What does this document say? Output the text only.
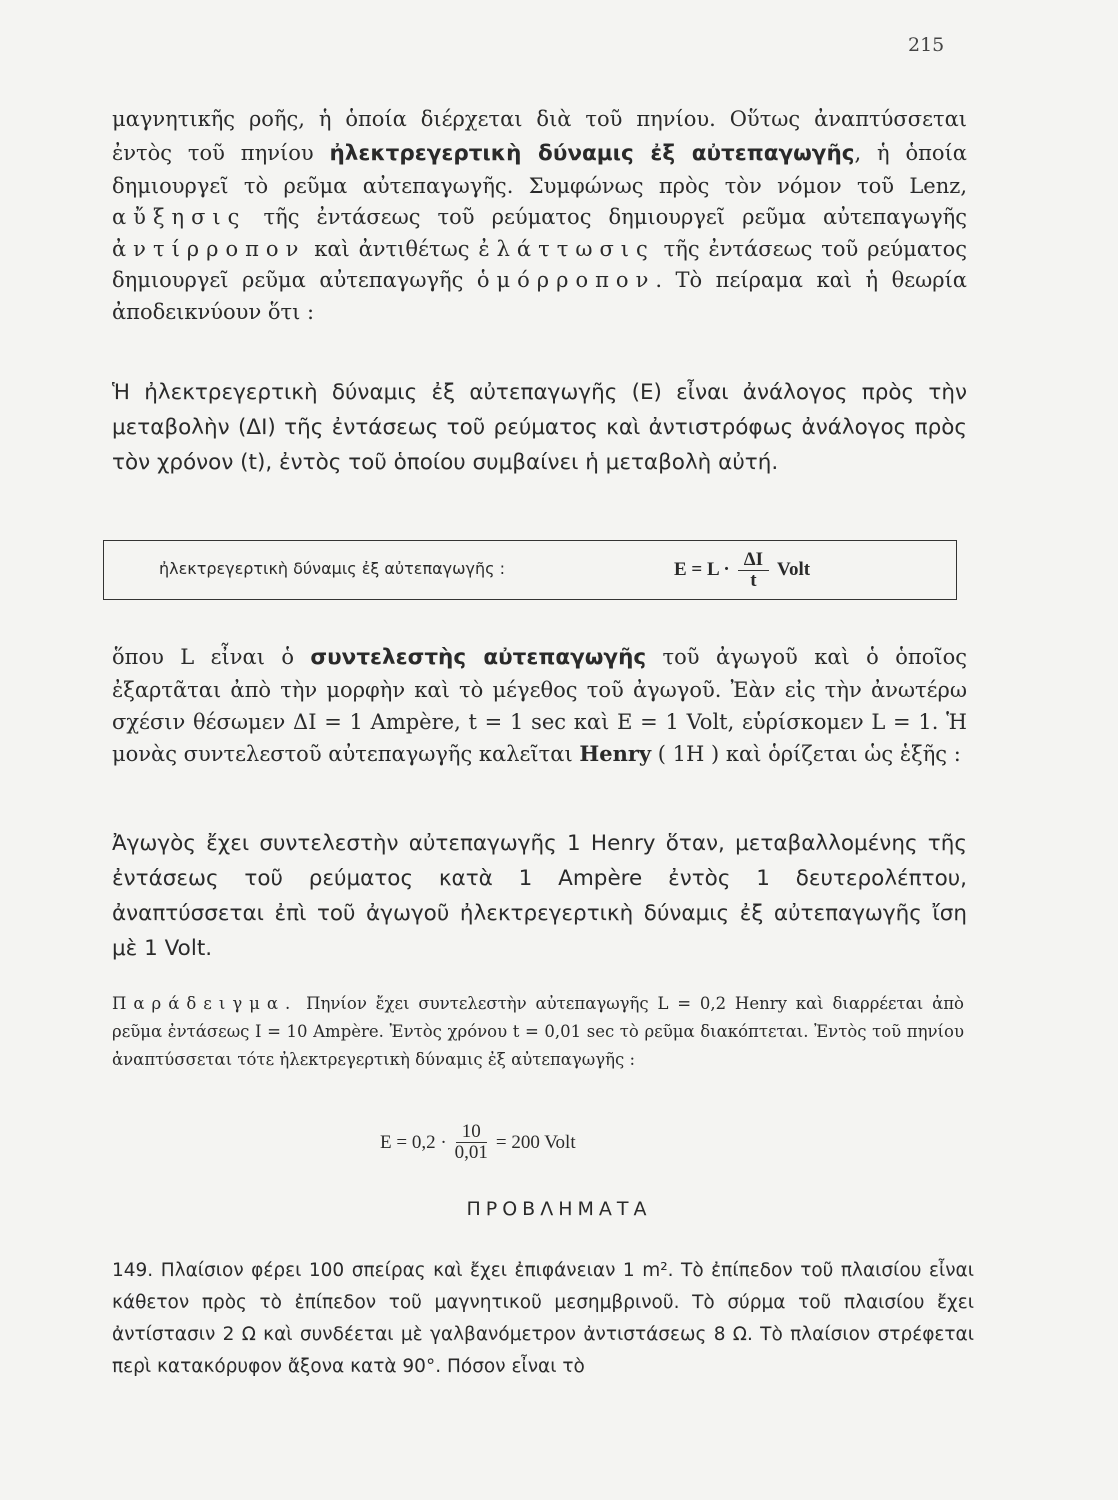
215

μαγνητικῆς ροῆς, ἡ ὁποία διέρχεται διὰ τοῦ πηνίου. Οὕτως ἀναπτύσσεται ἐντὸς τοῦ πηνίου ἠλεκτρεγερτικὴ δύναμις ἐξ αὐτεπαγωγῆς, ἡ ὁποία δημιουργεῖ τὸ ρεῦμα αὐτεπαγωγῆς. Συμφώνως πρὸς τὸν νόμον τοῦ Lenz, αὔξησις τῆς ἐντάσεως τοῦ ρεύματος δημιουργεῖ ρεῦμα αὐτεπαγωγῆς ἀντίρροπον καὶ ἀντιθέτως ἐλάττωσις τῆς ἐντάσεως τοῦ ρεύματος δημιουργεῖ ρεῦμα αὐτεπαγωγῆς ὁμόρροπον. Τὸ πείραμα καὶ ἡ θεωρία ἀποδεικνύουν ὅτι :

Ἡ ἠλεκτρεγερτικὴ δύναμις ἐξ αὐτεπαγωγῆς (Ε) εἶναι ἀνάλογος πρὸς τὴν μεταβολὴν (ΔΙ) τῆς ἐντάσεως τοῦ ρεύματος καὶ ἀντιστρόφως ἀνάλογος πρὸς τὸν χρόνον (t), ἐντὸς τοῦ ὁποίου συμβαίνει ἡ μεταβολὴ αὐτή.

ἠλεκτρεγερτικὴ δύναμις ἐξ αὐτεπαγωγῆς :	$E = L \cdot \frac{\Delta I}{t}$ Volt

ὅπου L εἶναι ὁ συντελεστὴς αὐτεπαγωγῆς τοῦ ἀγωγοῦ καὶ ὁ ὁποῖος ἐξαρτᾶται ἀπὸ τὴν μορφὴν καὶ τὸ μέγεθος τοῦ ἀγωγοῦ. Ἐὰν εἰς τὴν ἀνωτέρω σχέσιν θέσωμεν ΔΙ = 1 Ampère, t = 1 sec καὶ E = 1 Volt, εὑρίσκομεν L = 1. Ἡ μονὰς συντελεστοῦ αὐτεπαγωγῆς καλεῖται Henry ( 1Η ) καὶ ὁρίζεται ὡς ἑξῆς :

Ἀγωγὸς ἔχει συντελεστὴν αὐτεπαγωγῆς 1 Henry ὅταν, μεταβαλλομένης τῆς ἐντάσεως τοῦ ρεύματος κατὰ 1 Ampère ἐντὸς 1 δευτερολέπτου, ἀναπτύσσεται ἐπὶ τοῦ ἀγωγοῦ ἠλεκτρεγερτικὴ δύναμις ἐξ αὐτεπαγωγῆς ἴση μὲ 1 Volt.

Παράδειγμα. Πηνίον ἔχει συντελεστὴν αὐτεπαγωγῆς L = 0,2 Henry καὶ διαρρέεται ἀπὸ ρεῦμα ἐντάσεως I = 10 Ampère. Ἐντὸς χρόνου t = 0,01 sec τὸ ρεῦμα διακόπτεται. Ἐντὸς τοῦ πηνίου ἀναπτύσσεται τότε ἠλεκτρεγερτικὴ δύναμις ἐξ αὐτεπαγωγῆς :

$E = 0,2 \cdot \frac{10}{0,01} = 200$ Volt
ΠΡΟΒΛΗΜΑΤΑ

149. Πλαίσιον φέρει 100 σπείρας καὶ ἔχει ἐπιφάνειαν 1 m². Τὸ ἐπίπεδον τοῦ πλαισίου εἶναι κάθετον πρὸς τὸ ἐπίπεδον τοῦ μαγνητικοῦ μεσημβρινοῦ. Τὸ σύρμα τοῦ πλαισίου ἔχει ἀντίστασιν 2 Ω καὶ συνδέεται μὲ γαλβανόμετρον ἀντιστάσεως 8 Ω. Τὸ πλαίσιον στρέφεται περὶ κατακόρυφον ἄξονα κατὰ 90°. Πόσον εἶναι τὸ
